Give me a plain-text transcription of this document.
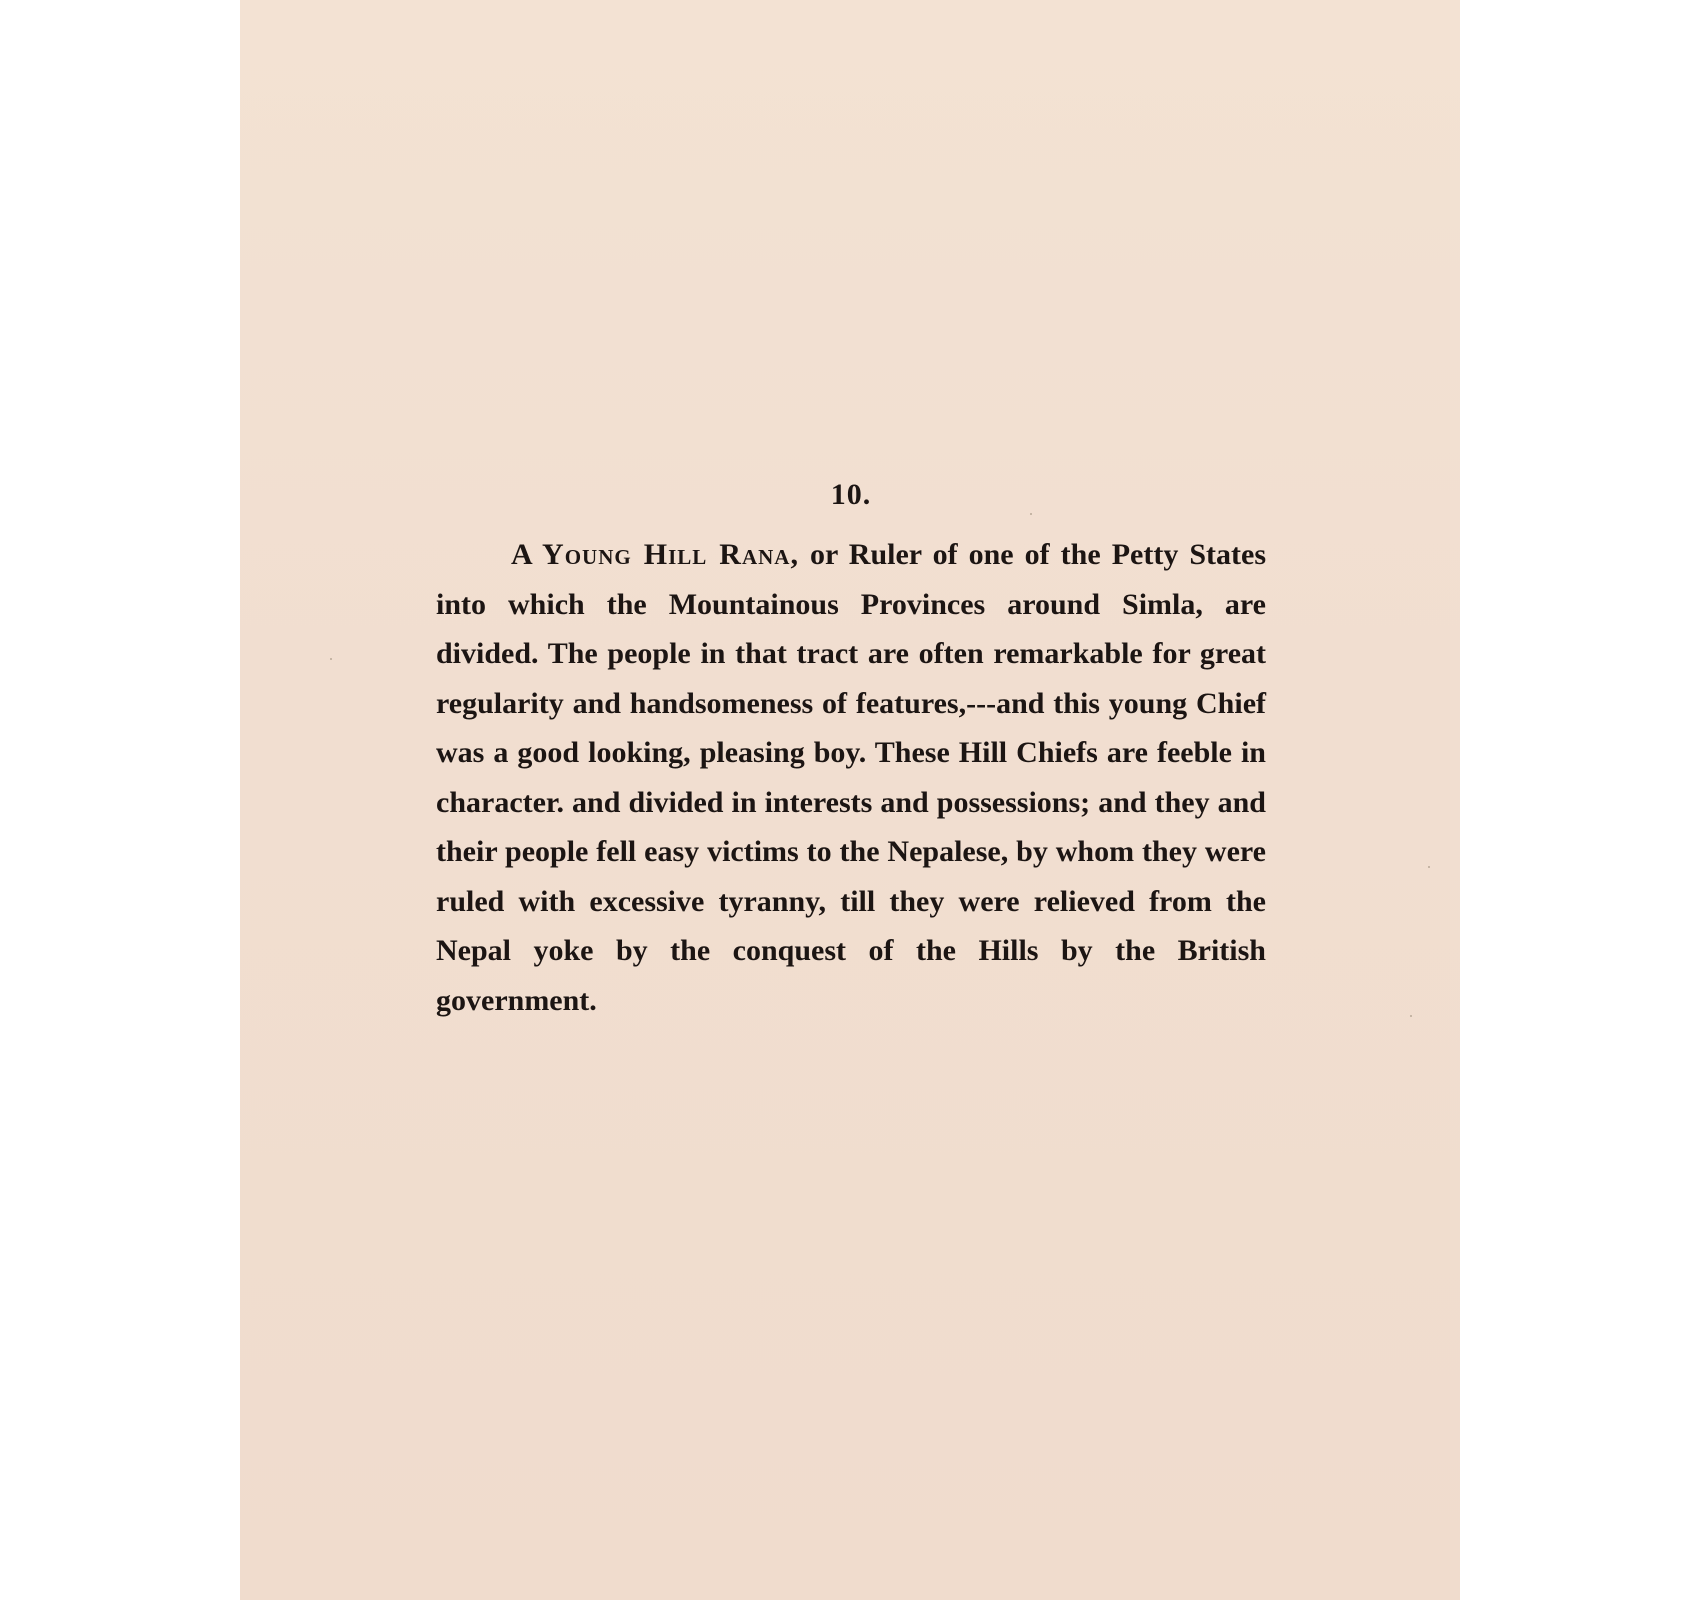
10.

A Young Hill Rana, or Ruler of one of the Petty States into which the Mountainous Provinces around Simla, are divided. The people in that tract are often remarkable for great regularity and handsomeness of features,---and this young Chief was a good looking, pleasing boy. These Hill Chiefs are feeble in character. and divided in interests and possessions; and they and their people fell easy victims to the Nepalese, by whom they were ruled with excessive tyranny, till they were relieved from the Nepal yoke by the conquest of the Hills by the British government.
